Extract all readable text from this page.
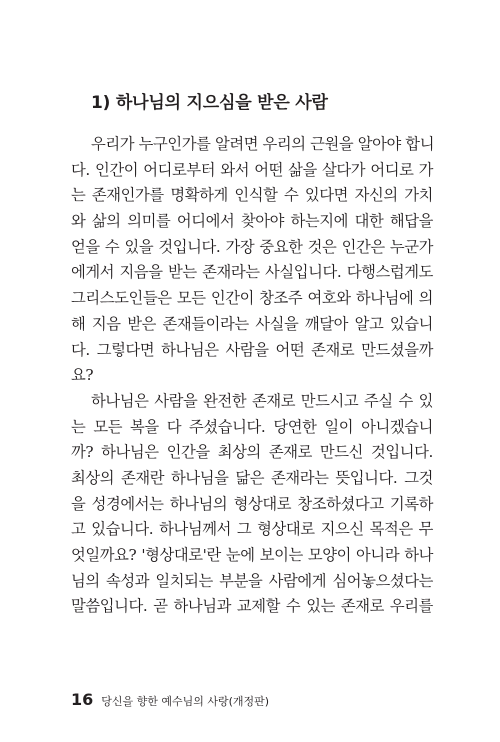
1) 하나님의 지으심을 받은 사람
우리가 누구인가를 알려면 우리의 근원을 알아야 합니
다. 인간이 어디로부터 와서 어떤 삶을 살다가 어디로 가
는 존재인가를 명확하게 인식할 수 있다면 자신의 가치
와 삶의 의미를 어디에서 찾아야 하는지에 대한 해답을
얻을 수 있을 것입니다. 가장 중요한 것은 인간은 누군가
에게서 지음을 받는 존재라는 사실입니다. 다행스럽게도
그리스도인들은 모든 인간이 창조주 여호와 하나님에 의
해 지음 받은 존재들이라는 사실을 깨달아 알고 있습니
다. 그렇다면 하나님은 사람을 어떤 존재로 만드셨을까
요?
하나님은 사람을 완전한 존재로 만드시고 주실 수 있
는 모든 복을 다 주셨습니다. 당연한 일이 아니겠습니
까? 하나님은 인간을 최상의 존재로 만드신 것입니다.
최상의 존재란 하나님을 닮은 존재라는 뜻입니다. 그것
을 성경에서는 하나님의 형상대로 창조하셨다고 기록하
고 있습니다. 하나님께서 그 형상대로 지으신 목적은 무
엇일까요? '형상대로'란 눈에 보이는 모양이 아니라 하나
님의 속성과 일치되는 부분을 사람에게 심어놓으셨다는
말씀입니다. 곧 하나님과 교제할 수 있는 존재로 우리를
16 당신을 향한 예수님의 사랑(개정판)
